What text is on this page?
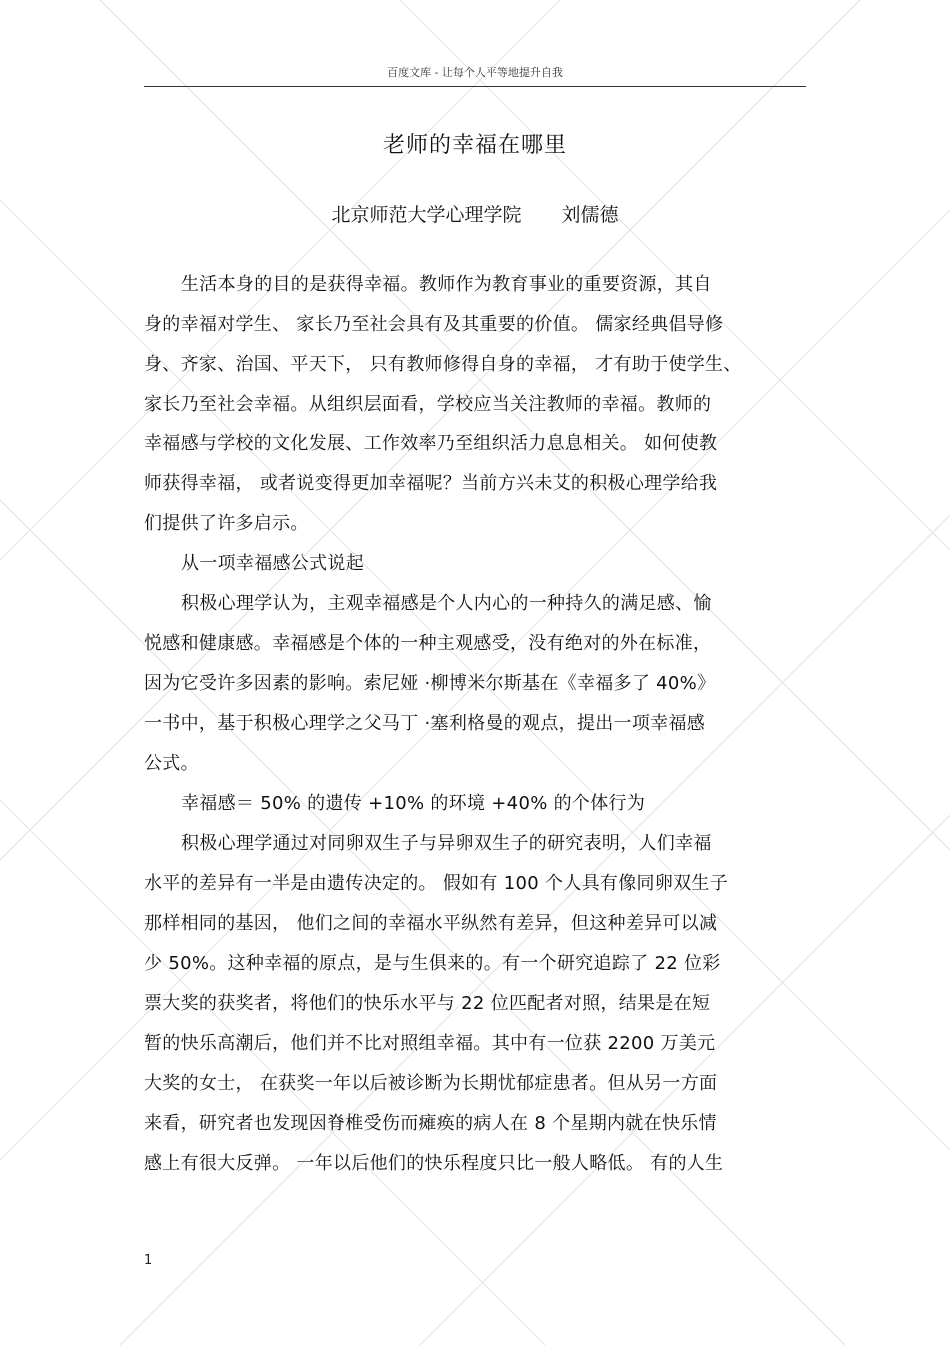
百度文库 - 让每个人平等地提升自我
老师的幸福在哪里
北京师范大学心理学院 刘儒德
生活本身的目的是获得幸福。教师作为教育事业的重要资源，其自
身的幸福对学生、 家长乃至社会具有及其重要的价值。 儒家经典倡导修
身、齐家、治国、平天下， 只有教师修得自身的幸福， 才有助于使学生、
家长乃至社会幸福。从组织层面看，学校应当关注教师的幸福。教师的
幸福感与学校的文化发展、工作效率乃至组织活力息息相关。 如何使教
师获得幸福， 或者说变得更加幸福呢？当前方兴未艾的积极心理学给我
们提供了许多启示。
从一项幸福感公式说起
积极心理学认为，主观幸福感是个人内心的一种持久的满足感、愉
悦感和健康感。幸福感是个体的一种主观感受，没有绝对的外在标准，
因为它受许多因素的影响。索尼娅 ·柳博米尔斯基在《幸福多了 40%》
一书中，基于积极心理学之父马丁 ·塞利格曼的观点，提出一项幸福感
公式。
幸福感＝ 50% 的遗传 +10% 的环境 +40% 的个体行为
积极心理学通过对同卵双生子与异卵双生子的研究表明，人们幸福
水平的差异有一半是由遗传决定的。 假如有 100 个人具有像同卵双生子
那样相同的基因， 他们之间的幸福水平纵然有差异，但这种差异可以减
少 50%。这种幸福的原点，是与生俱来的。有一个研究追踪了 22 位彩
票大奖的获奖者，将他们的快乐水平与 22 位匹配者对照，结果是在短
暂的快乐高潮后，他们并不比对照组幸福。其中有一位获 2200 万美元
大奖的女士， 在获奖一年以后被诊断为长期忧郁症患者。但从另一方面
来看，研究者也发现因脊椎受伤而瘫痪的病人在 8 个星期内就在快乐情
感上有很大反弹。 一年以后他们的快乐程度只比一般人略低。 有的人生
1
